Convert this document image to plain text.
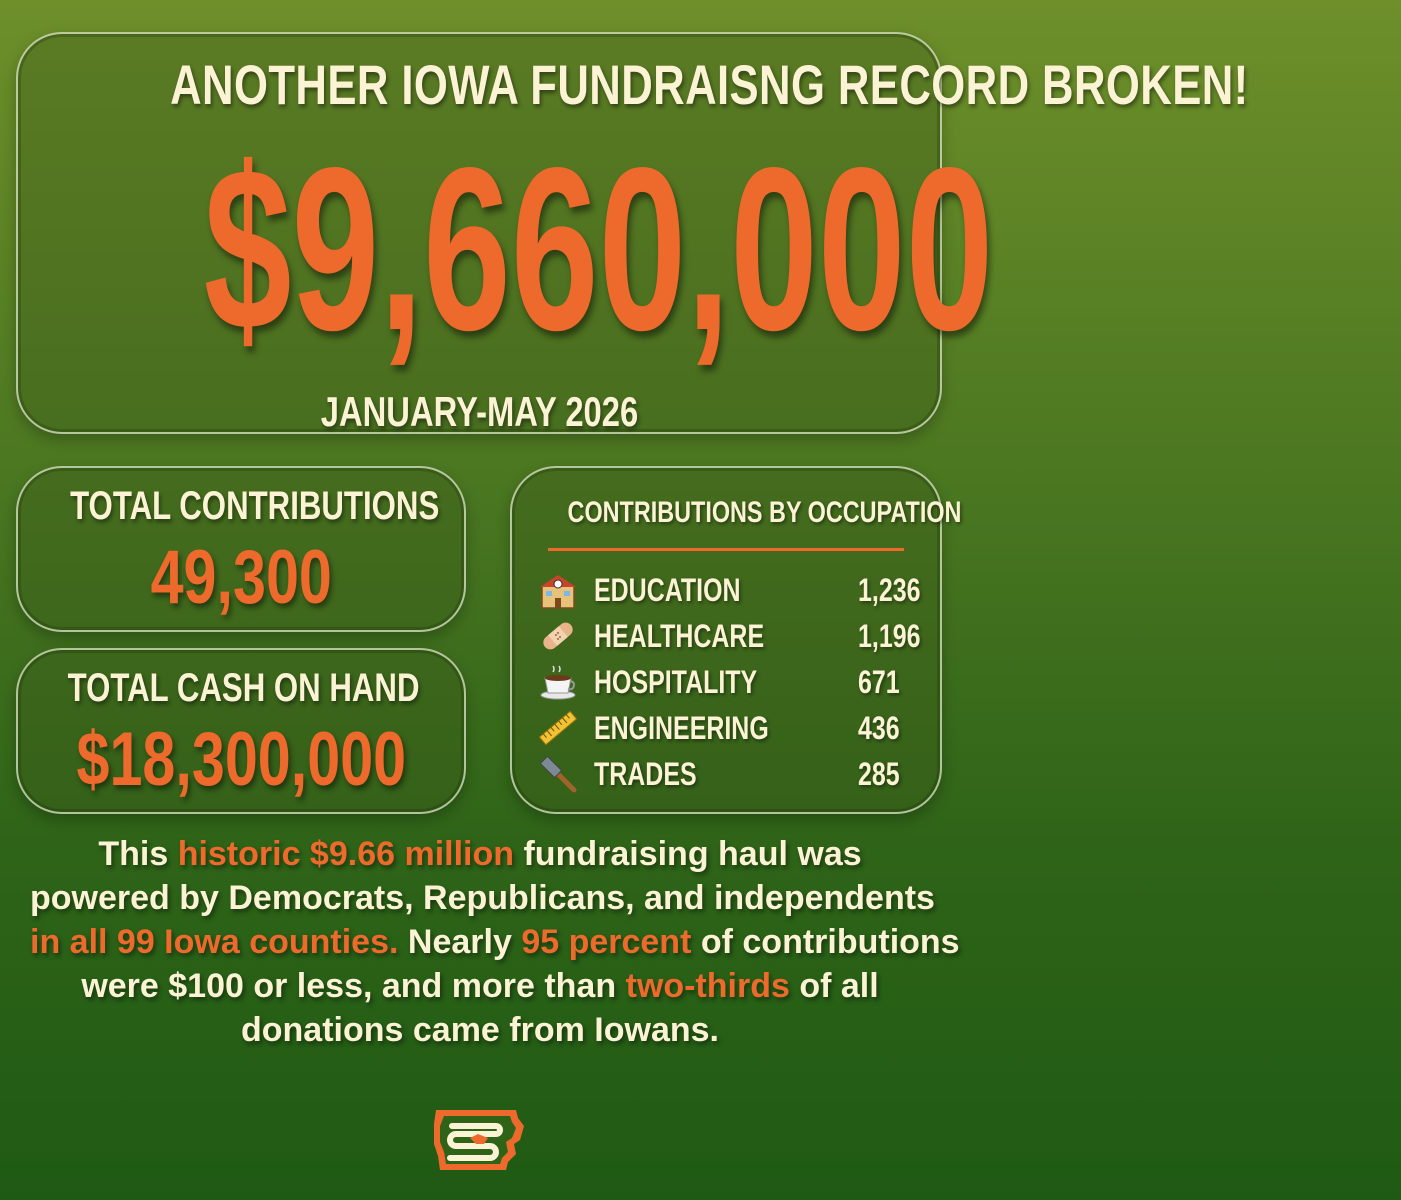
ANOTHER IOWA FUNDRAISNG RECORD BROKEN!
$9,660,000
JANUARY-MAY 2026
TOTAL CONTRIBUTIONS
49,300
TOTAL CASH ON HAND
$18,300,000
CONTRIBUTIONS BY OCCUPATION
EDUCATION	1,236
HEALTHCARE	1,196
HOSPITALITY	671
ENGINEERING	436
TRADES	285
This historic $9.66 million fundraising haul was
powered by Democrats, Republicans, and independents
in all 99 Iowa counties. Nearly 95 percent of contributions
were $100 or less, and more than two-thirds of all
donations came from Iowans.
